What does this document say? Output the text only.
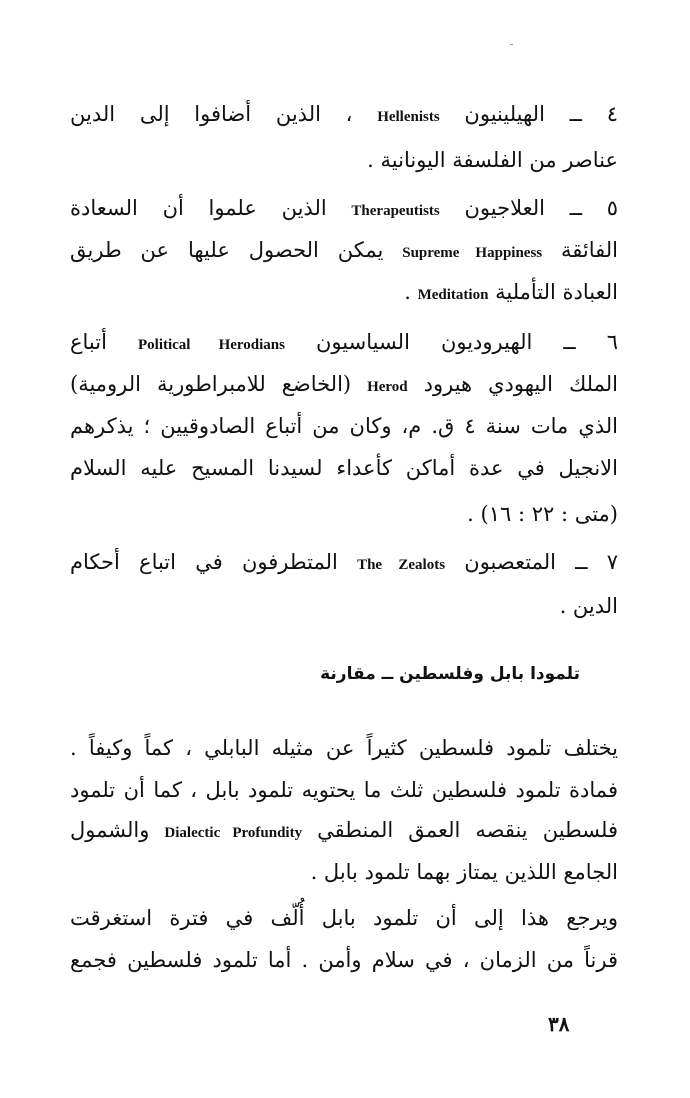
٤ ــ الهيلينيون Hellenists ، الذين أضافوا إلى الدين
عناصر من الفلسفة اليونانية .
٥ ــ العلاجيون Therapeutists الذين علموا أن السعادة
الفائقة Supreme Happiness يمكن الحصول عليها عن طريق
العبادة التأملية Meditation .
٦ ــ الهيروديون السياسيون Political Herodians أتباع
الملك اليهودي هيرود Herod (الخاضع للامبراطورية الرومية)
الذي مات سنة ٤ ق. م، وكان من أتباع الصادوقيين ؛ يذكرهم
الانجيل في عدة أماكن كأعداء لسيدنا المسيح عليه السلام
(متى : ٢٢ : ١٦) .
٧ ــ المتعصبون The Zealots المتطرفون في اتباع أحكام
الدين .
تلمودا بابل وفلسطين ــ مقارنة
يختلف تلمود فلسطين كثيراً عن مثيله البابلي ، كماً وكيفاً .
فمادة تلمود فلسطين ثلث ما يحتويه تلمود بابل ، كما أن تلمود
فلسطين ينقصه العمق المنطقي Dialectic Profundity والشمول
الجامع اللذين يمتاز بهما تلمود بابل .
ويرجع هذا إلى أن تلمود بابل أُلّف في فترة استغرقت
قرناً من الزمان ، في سلام وأمن . أما تلمود فلسطين فجمع
٣٨
